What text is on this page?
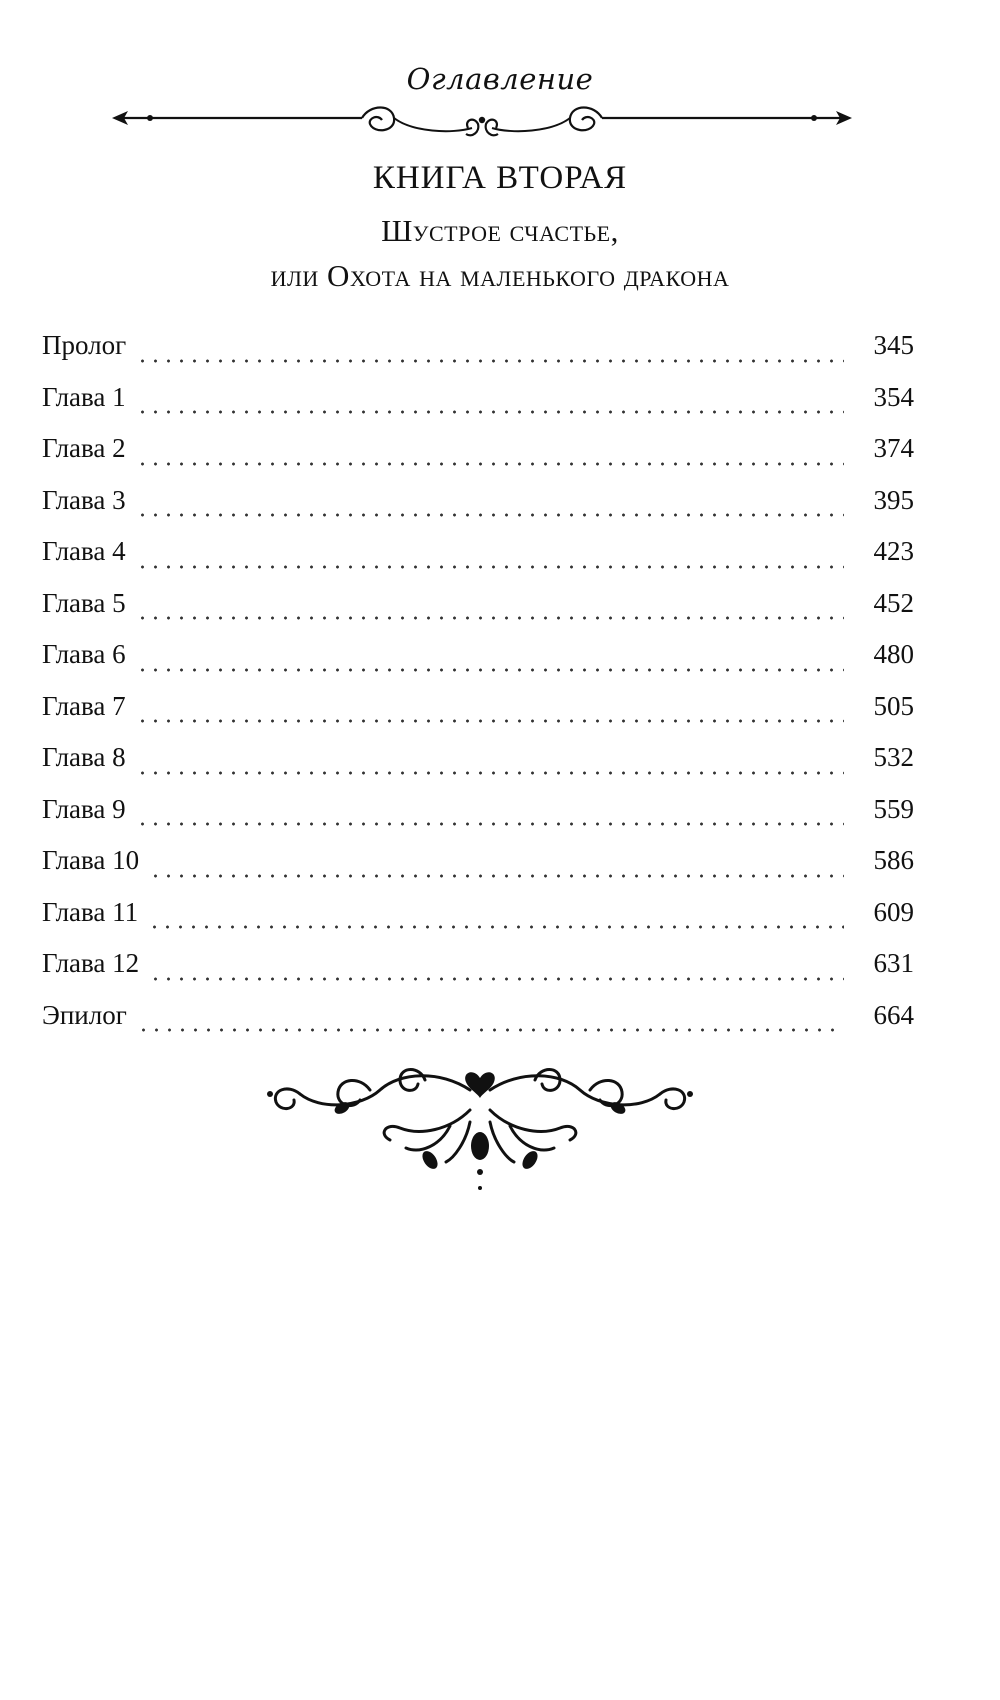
Оглавление
КНИГА ВТОРАЯ
Шустрое счастье,
или Охота на маленького дракона
Пролог	345
Глава 1	354
Глава 2	374
Глава 3	395
Глава 4	423
Глава 5	452
Глава 6	480
Глава 7	505
Глава 8	532
Глава 9	559
Глава 10	586
Глава 11	609
Глава 12	631
Эпилог	664
